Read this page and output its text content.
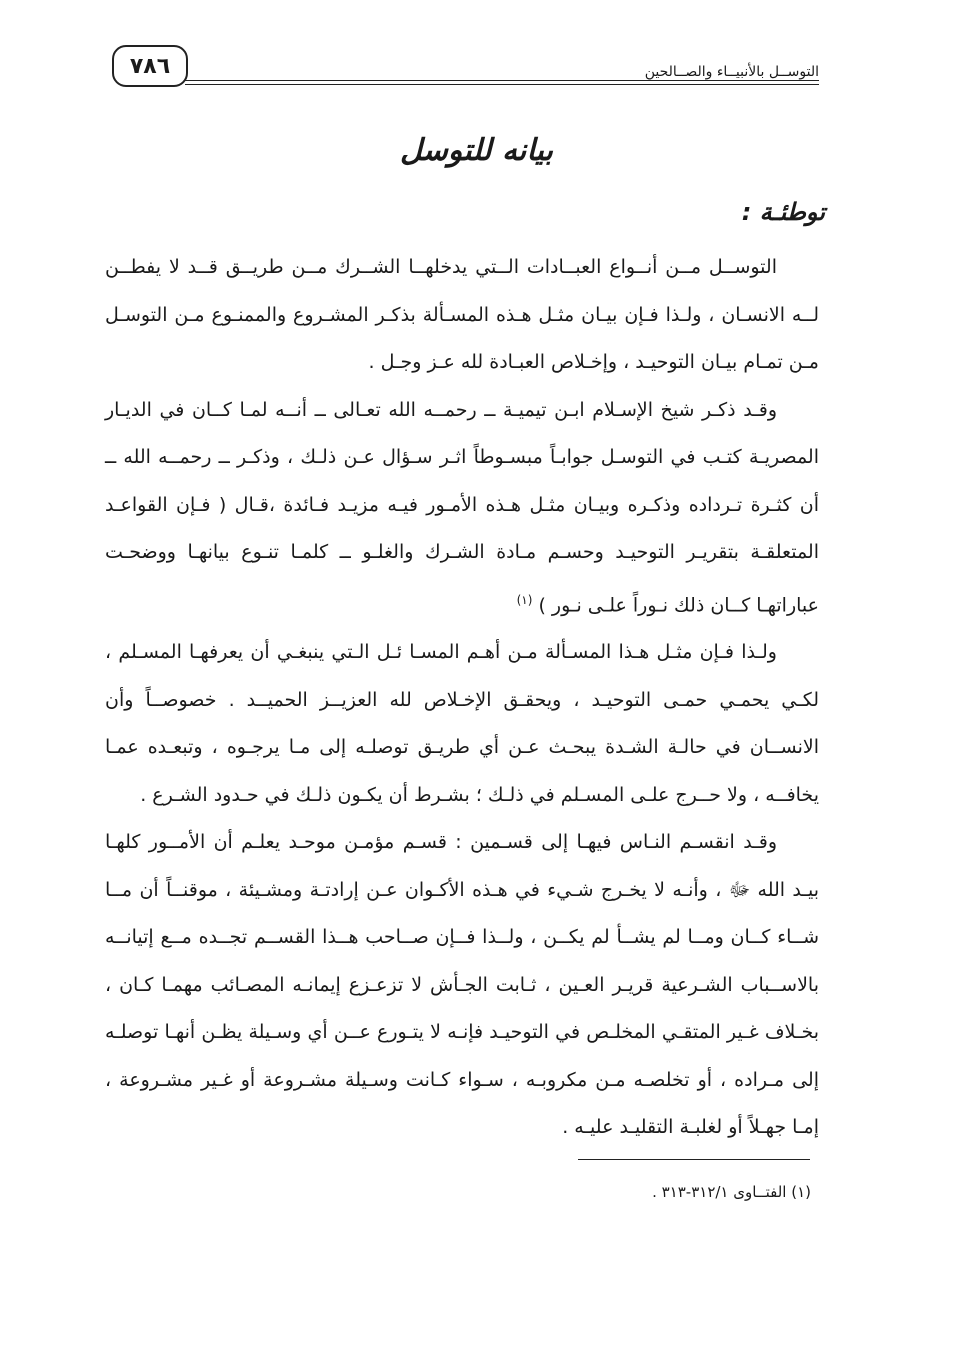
التوســل بالأنبيــاء والصــالحين
٧٨٦
بيانه للتوسل
توطئـة :

التوســل مــن أنــواع العبــادات الــتي يدخلهــا الشــرك مــن طريــق قــد لا يفطــن لــه الانسـان ، ولـذا فـإن بيـان مثـل هـذه المسـألة بذكـر المشـروع والممنـوع مـن التوسـل مـن تمـام بيـان التوحيـد ، وإخـلاص العبـادة لله عـز وجـل .

وقـد ذكـر شيخ الإسـلام ابـن تيميـة ــ رحمــه الله تعـالى ــ أنــه لمـا كــان في الديـار المصريـة كتـب في التوسـل جوابـاً مبسـوطاً اثـر سـؤال عـن ذلـك ، وذكـر ــ رحمــه الله ــ أن كثـرة تـرداده وذكـره وبيـان مثـل هـذه الأمـور فيـه مزيـد فـائدة ،قـال ( فـإن القواعـد المتعلقـة بتقريـر التوحيـد وحسـم مـادة الشـرك والغلـو ــ كلمـا تنـوع بيانهـا ووضحـت عباراتهـا كــان ذلك نـوراً علـى نـور ) $^{(١)}$

ولـذا فـإن مثـل هـذا المسـألة مـن أهـم المسـا ئـل الـتي ينبغـي أن يعرفهـا المسـلم ، لكـي يحمـي حمـى التوحيـد ، ويحقـق الإخـلاص لله العزيــز الحميــد . خصوصــاً وأن الانســان في حالـة الشـدة يبحـث عـن أي طريـق توصلـه إلى مـا يرجـوه ، وتبعـده عمـا يخافــه ، ولا حــرج علـى المسـلم في ذلـك ؛ بشـرط أن يكـون ذلـك في حـدود الشـرع .

وقـد انقسـم النـاس فيهـا إلى قسـمين : قسـم مؤمـن موحـد يعلـم أن الأمــور كلهـا بيـد الله ﷻ ، وأنـه لا يخـرج شـيء في هـذه الأكـوان عـن إرادتـة ومشـيئة ، موقنــاً أن مــا شــاء كــان ومــا لم يشــأ لم يكــن ، ولــذا فــإن صــاحب هــذا القســم تجــده مــع إتيانــه بالاســباب الشـرعية قريـر العـين ، ثـابت الجـأش لا تزعـزع إيمانـه المصـائب مهمـا كـان ، بخـلاف غـير المتقـي المخلـص في التوحيـد فإنـه لا يتـورع عــن أي وسـيلة يظـن أنهـا توصلـه إلى مـراده ، أو تخلصـه مـن مكروبـه ، سـواء كـانت وسـيلة مشـروعة أو غـير مشـروعة ، إمـا جهـلاً أو لغلبـة التقليـد عليـه .

(١) الفتــاوى ٣١٢/١-٣١٣ .
